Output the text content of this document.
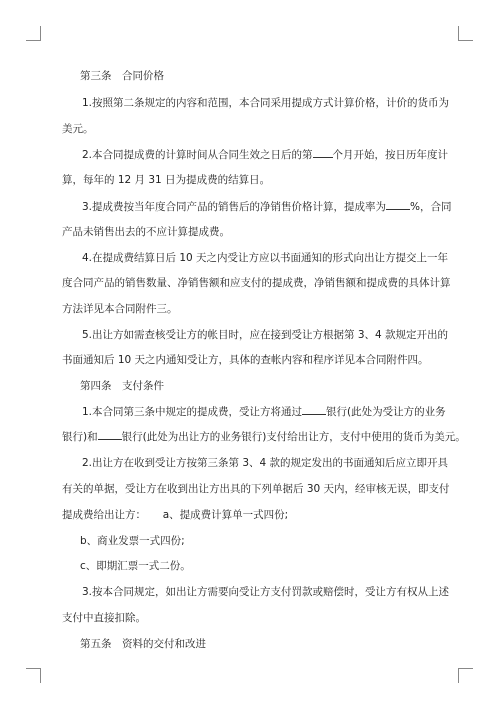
第三条　合同价格
1.按照第二条规定的内容和范围，本合同采用提成方式计算价格，计价的货币为
美元。
2.本合同提成费的计算时间从合同生效之日后的第 个月开始，按日历年度计
算，每年的 12 月 31 日为提成费的结算日。
3.提成费按当年度合同产品的销售后的净销售价格计算，提成率为 %，合同
产品未销售出去的不应计算提成费。
4.在提成费结算日后 10 天之内受让方应以书面通知的形式向出让方提交上一年
度合同产品的销售数量、净销售额和应支付的提成费，净销售额和提成费的具体计算
方法详见本合同附件三。
5.出让方如需查核受让方的帐目时，应在接到受让方根据第 3、4 款规定开出的
书面通知后 10 天之内通知受让方，具体的查帐内容和程序详见本合同附件四。
第四条　支付条件
1.本合同第三条中规定的提成费，受让方将通过 银行(此处为受让方的业务
银行)和 银行(此处为出让方的业务银行)支付给出让方，支付中使用的货币为美元。
2.出让方在收到受让方按第三条第 3、4 款的规定发出的书面通知后应立即开具
有关的单据，受让方在收到出让方出具的下列单据后 30 天内，经审核无误，即支付
提成费给出让方： a、提成费计算单一式四份;
b、商业发票一式四份;
c、即期汇票一式二份。
3.按本合同规定，如出让方需要向受让方支付罚款或赔偿时，受让方有权从上述
支付中直接扣除。
第五条　资料的交付和改进
